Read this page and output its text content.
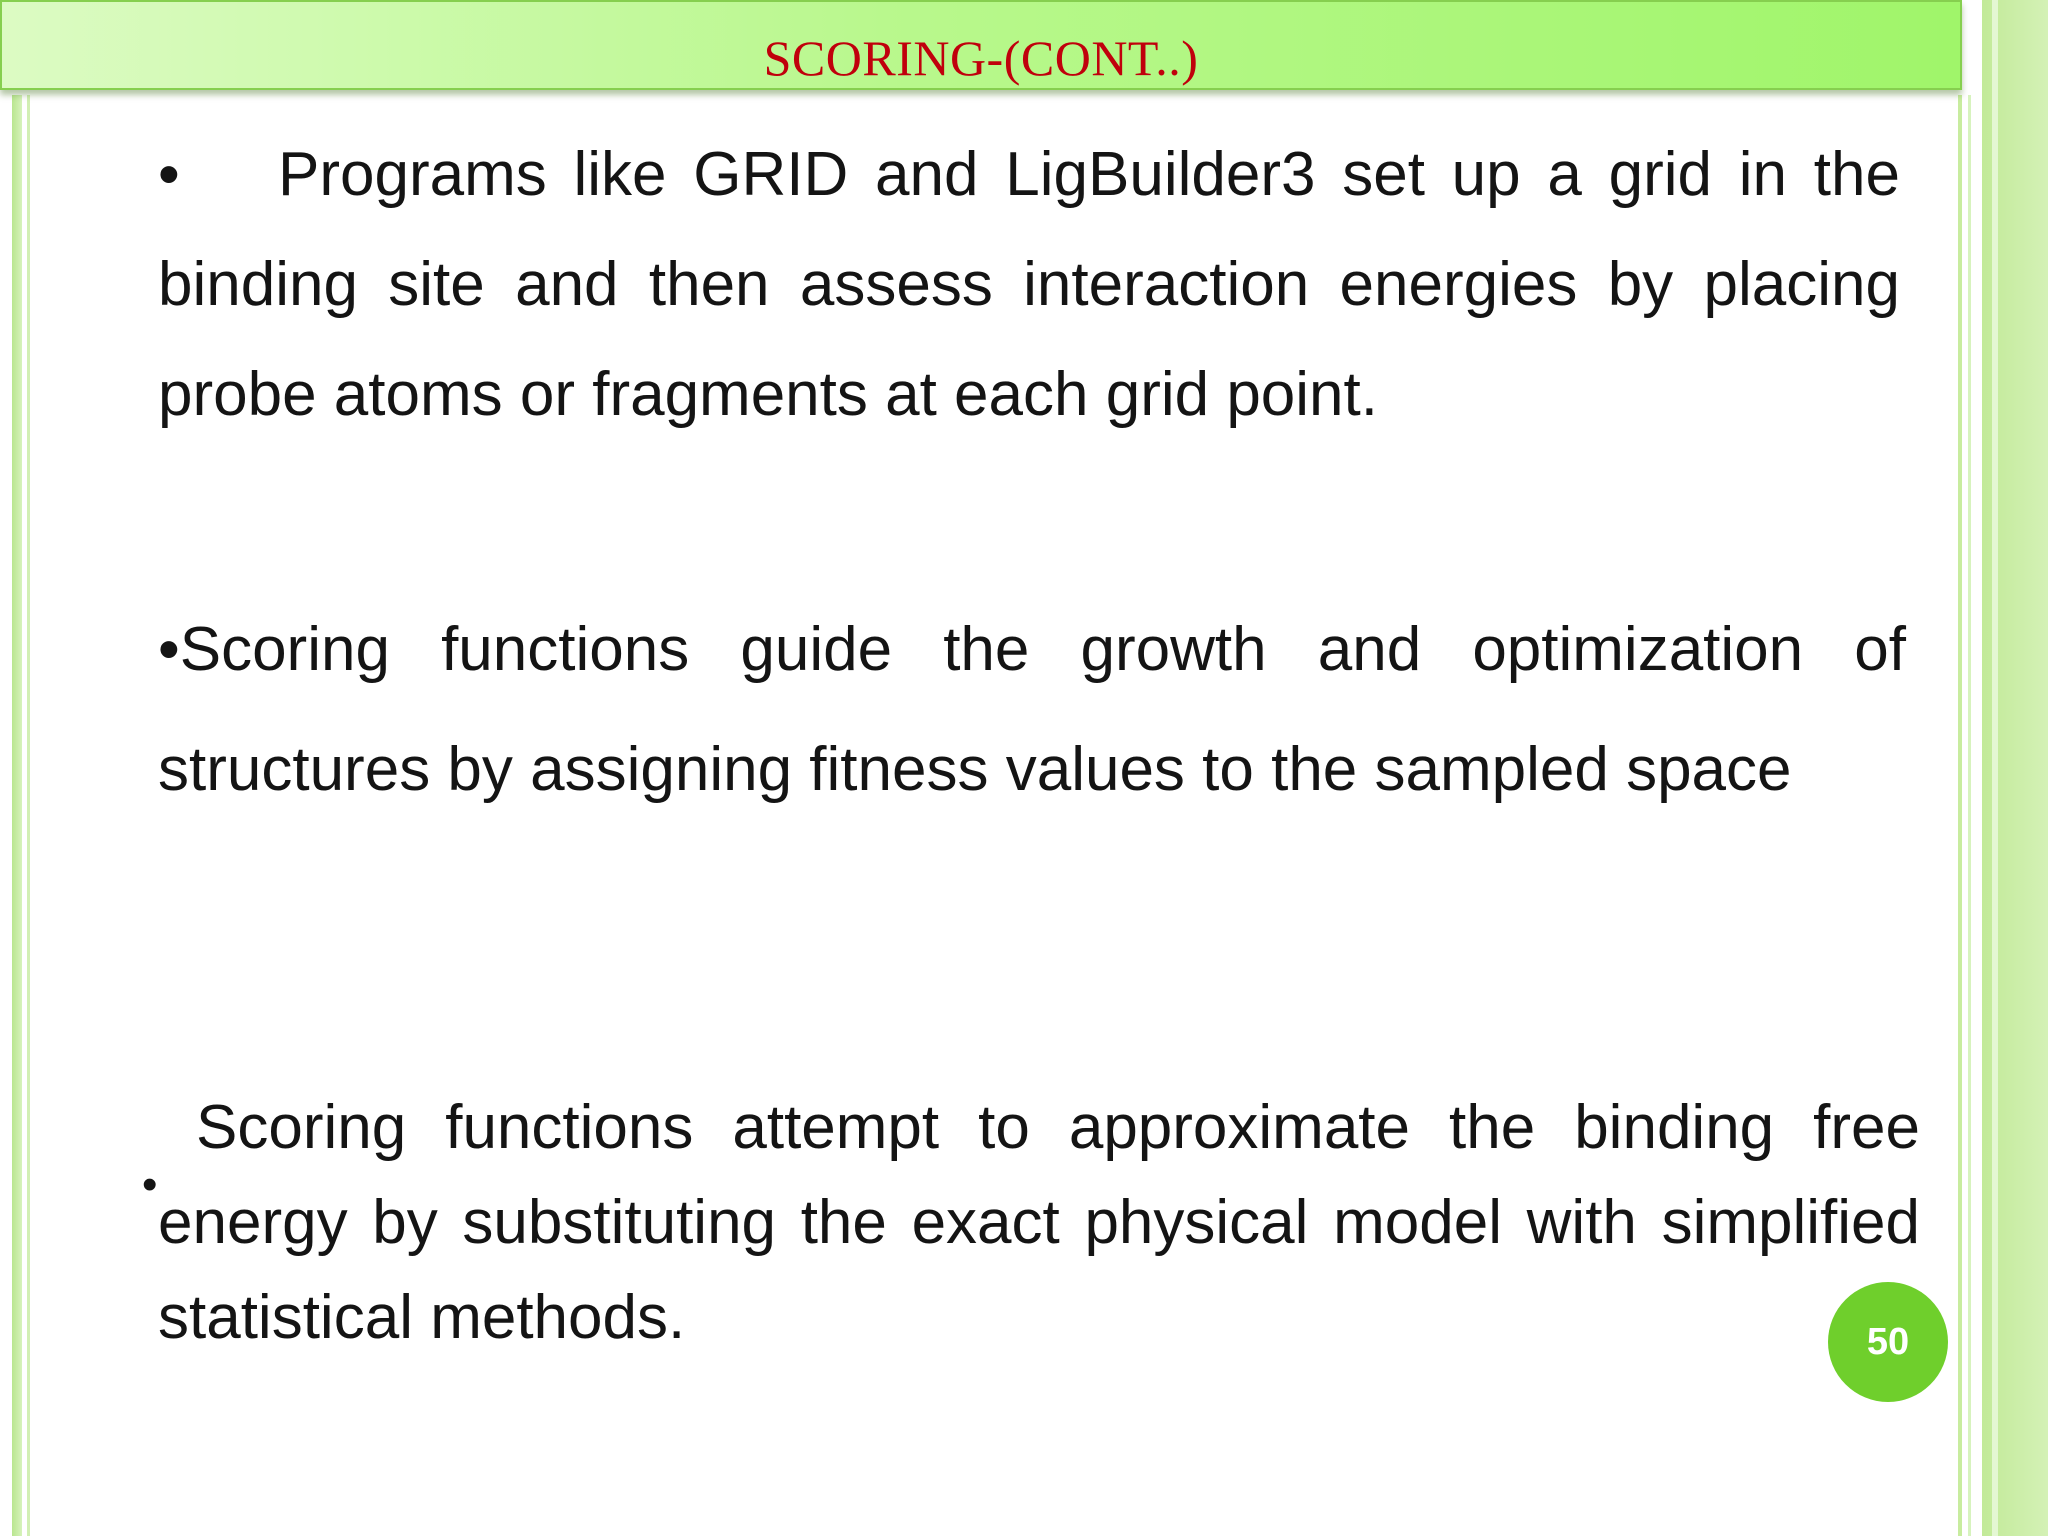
SCORING-(CONT..)

• Programs like GRID and LigBuilder3 set up a grid in the binding site and then assess interaction energies by placing probe atoms or fragments at each grid point.

•Scoring functions guide the growth and optimization of structures by assigning fitness values to the sampled space

•

Scoring functions attempt to approximate the binding free energy by substituting the exact physical model with simplified statistical methods.	50
